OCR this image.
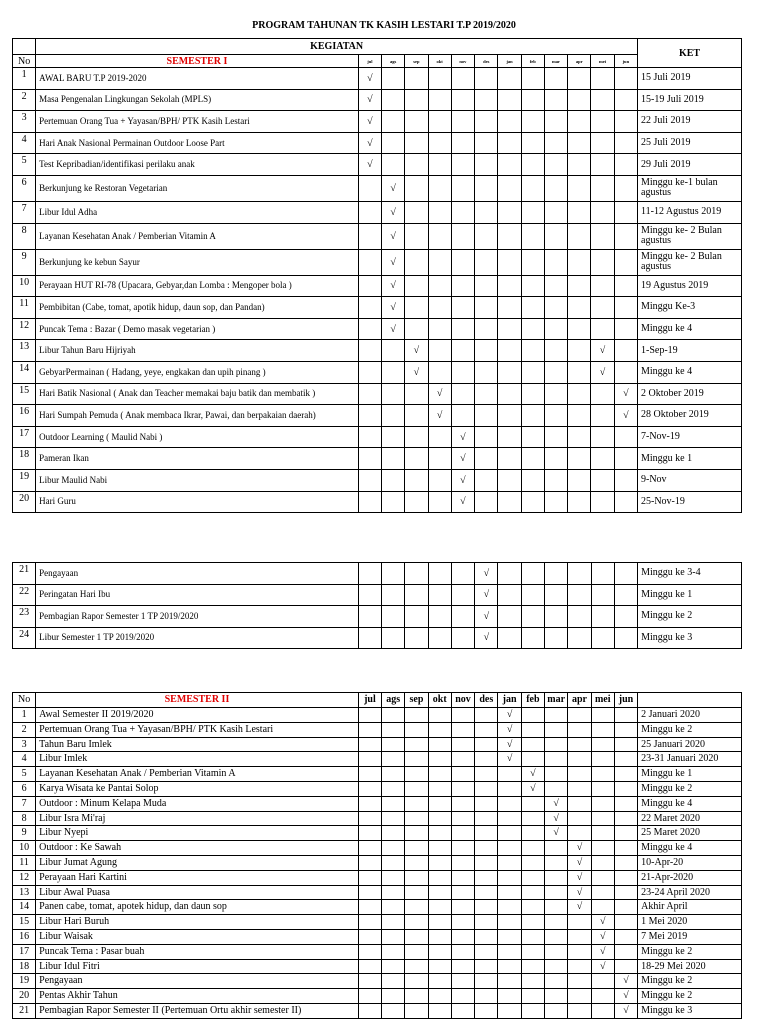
PROGRAM TAHUNAN TK KASIH LESTARI T.P 2019/2020
	KEGIATAN													KET
No	SEMESTER I	jul	ags	sep	okt	nov	des	jan	feb	mar	apr	mei	jun	
1	AWAL BARU T.P 2019-2020	√												15 Juli 2019
2	Masa Pengenalan Lingkungan Sekolah (MPLS)	√												15-19 Juli 2019
3	Pertemuan Orang Tua + Yayasan/BPH/ PTK Kasih Lestari	√												22 Juli 2019
4	Hari Anak Nasional Permainan Outdoor Loose Part	√												25 Juli 2019
5	Test Kepribadian/identifikasi perilaku anak	√												29 Juli 2019
6	Berkunjung ke Restoran Vegetarian		√											Minggu ke-1 bulan agustus
7	Libur Idul Adha		√											11-12 Agustus 2019
8	Layanan Kesehatan Anak / Pemberian Vitamin A		√											Minggu ke- 2 Bulan agustus
9	Berkunjung ke kebun Sayur		√											Minggu ke- 2 Bulan agustus
10	Perayaan HUT RI-78 (Upacara, Gebyar,dan Lomba : Mengoper bola )		√											19 Agustus 2019
11	Pembibitan (Cabe, tomat, apotik hidup, daun sop, dan Pandan)		√											Minggu Ke-3
12	Puncak Tema : Bazar ( Demo masak vegetarian )		√											Minggu ke 4
13	Libur Tahun Baru Hijriyah			√								√		1-Sep-19
14	GebyarPermainan ( Hadang, yeye, engkakan dan upih pinang )			√								√		Minggu ke 4
15	Hari Batik Nasional ( Anak dan Teacher memakai baju batik dan membatik )				√								√	2 Oktober 2019
16	Hari Sumpah Pemuda ( Anak membaca Ikrar, Pawai, dan berpakaian daerah)				√								√	28 Oktober 2019
17	Outdoor Learning ( Maulid Nabi )					√								7-Nov-19
18	Pameran Ikan					√								Minggu ke 1
19	Libur Maulid Nabi					√								9-Nov
20	Hari Guru					√								25-Nov-19
21	Pengayaan						√							Minggu ke 3-4
22	Peringatan Hari Ibu						√							Minggu ke 1
23	Pembagian Rapor Semester 1 TP 2019/2020						√							Minggu ke 2
24	Libur Semester 1 TP 2019/2020						√							Minggu ke 3
No	SEMESTER II	jul	ags	sep	okt	nov	des	jan	feb	mar	apr	mei	jun	
1	Awal Semester II 2019/2020							√						2 Januari 2020
2	Pertemuan Orang Tua + Yayasan/BPH/ PTK Kasih Lestari							√						Minggu ke 2
3	Tahun Baru Imlek							√						25 Januari 2020
4	Libur Imlek							√						23-31 Januari 2020
5	Layanan Kesehatan Anak / Pemberian Vitamin A								√					Minggu ke 1
6	Karya Wisata ke Pantai Solop								√					Minggu ke 2
7	Outdoor : Minum Kelapa Muda									√				Minggu ke 4
8	Libur Isra Mi'raj									√				22 Maret 2020
9	Libur Nyepi									√				25 Maret 2020
10	Outdoor : Ke Sawah										√			Minggu ke 4
11	Libur Jumat Agung										√			10-Apr-20
12	Perayaan Hari Kartini										√			21-Apr-2020
13	Libur Awal Puasa										√			23-24 April 2020
14	Panen cabe, tomat, apotek hidup, dan daun sop										√			Akhir April
15	Libur Hari Buruh											√		1 Mei 2020
16	Libur Waisak											√		7 Mei 2019
17	Puncak Tema : Pasar buah											√		Minggu ke 2
18	Libur Idul Fitri											√		18-29 Mei 2020
19	Pengayaan												√	Minggu ke 2
20	Pentas Akhir Tahun												√	Minggu ke 2
21	Pembagian Rapor Semester II (Pertemuan Ortu akhir semester II)												√	Minggu ke 3
